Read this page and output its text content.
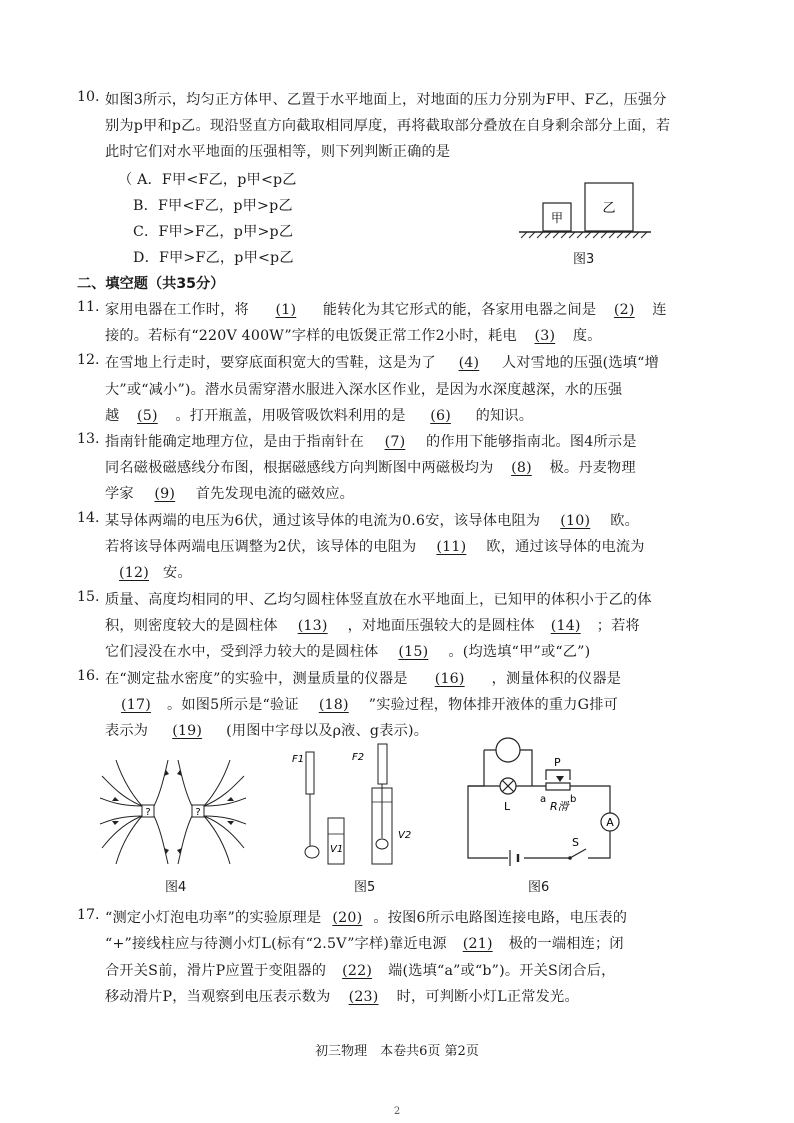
10. 如图3所示，均匀正方体甲、乙置于水平地面上，对地面的压力分别为F甲、F乙，压强分
别为p甲和p乙。现沿竖直方向截取相同厚度，再将截取部分叠放在自身剩余部分上面，若
此时它们对水平地面的压强相等，则下列判断正确的是
（ A．F甲<F乙，p甲<p乙
B．F甲<F乙，p甲>p乙
C．F甲>F乙，p甲>p乙
D．F甲>F乙，p甲<p乙
甲
乙
图3
二、填空题（共35分）
11. 家用电器在工作时，将 (1) 能转化为其它形式的能，各家用电器之间是 (2) 连
接的。若标有“220V 400W”字样的电饭煲正常工作2小时，耗电 (3) 度。
12. 在雪地上行走时，要穿底面积宽大的雪鞋，这是为了 (4) 人对雪地的压强(选填“增
大”或“减小”)。潜水员需穿潜水服进入深水区作业，是因为水深度越深，水的压强
越 (5) 。打开瓶盖，用吸管吸饮料利用的是 (6) 的知识。
13. 指南针能确定地理方位，是由于指南针在 (7) 的作用下能够指南北。图4所示是
同名磁极磁感线分布图，根据磁感线方向判断图中两磁极均为 (8) 极。丹麦物理
学家 (9) 首先发现电流的磁效应。
14. 某导体两端的电压为6伏，通过该导体的电流为0.6安，该导体电阻为 (10) 欧。
若将该导体两端电压调整为2伏，该导体的电阻为 (11) 欧，通过该导体的电流为
(12) 安。
15. 质量、高度均相同的甲、乙均匀圆柱体竖直放在水平地面上，已知甲的体积小于乙的体
积，则密度较大的是圆柱体 (13) ，对地面压强较大的是圆柱体 (14) ；若将
它们浸没在水中，受到浮力较大的是圆柱体 (15) 。(均选填“甲”或“乙”)
16. 在“测定盐水密度”的实验中，测量质量的仪器是 (16) ，测量体积的仪器是
(17) 。如图5所示是“验证 (18) ”实验过程，物体排开液体的重力G排可
表示为 (19) (用图中字母以及ρ液、g表示)。
?	?
图4
F1
V1
F2
V2
图5
L
P
a b
R滑
A
S
图6
17. “测定小灯泡电功率”的实验原理是 (20) 。按图6所示电路图连接电路，电压表的
“+”接线柱应与待测小灯L(标有“2.5V”字样)靠近电源 (21) 极的一端相连；闭
合开关S前，滑片P应置于变阻器的 (22) 端(选填“a”或“b”)。开关S闭合后，
移动滑片P，当观察到电压表示数为 (23) 时，可判断小灯L正常发光。
初三物理　本卷共6页 第2页
2
